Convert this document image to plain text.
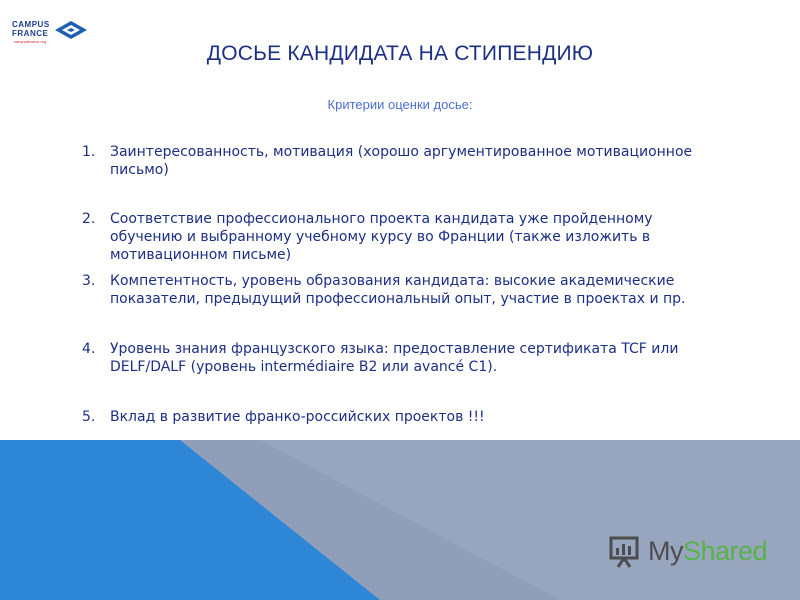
CAMPUS
FRANCE
campusfrance.org
ДОСЬЕ КАНДИДАТА НА СТИПЕНДИЮ
Критерии оценки досье:
1.	Заинтересованность, мотивация (хорошо аргументированное мотивационное письмо)
2.	Соответствие профессионального проекта кандидата уже пройденному обучению и выбранному учебному курсу во Франции (также изложить в мотивационном письме)
3.	Компетентность, уровень образования кандидата: высокие академические показатели, предыдущий профессиональный опыт, участие в проектах и пр.
4.	Уровень знания французского языка: предоставление сертификата TCF или DELF/DALF (уровень intermédiaire B2 или avancé C1).
5.	Вклад в развитие франко-российских проектов !!!
MyShared
